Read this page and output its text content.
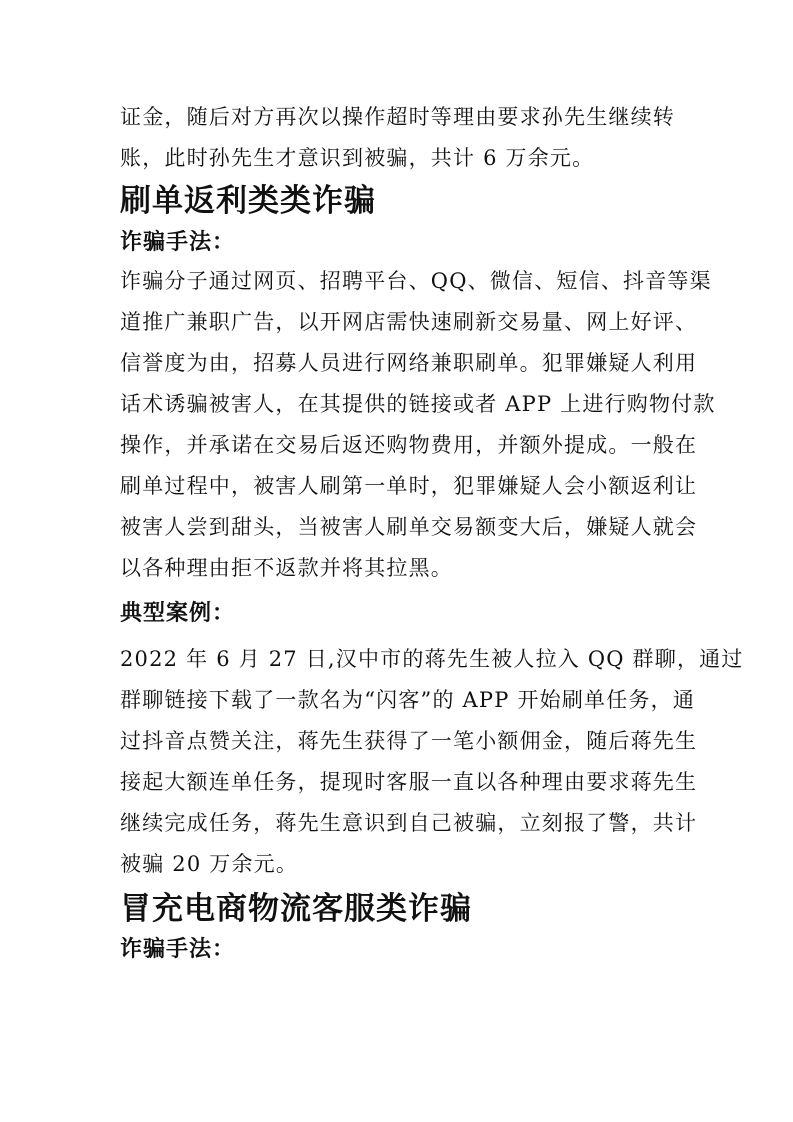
证金，随后对方再次以操作超时等理由要求孙先生继续转
账，此时孙先生才意识到被骗，共计 6 万余元。
刷单返利类类诈骗
诈骗手法：
诈骗分子通过网页、招聘平台、QQ、微信、短信、抖音等渠
道推广兼职广告，以开网店需快速刷新交易量、网上好评、
信誉度为由，招募人员进行网络兼职刷单。犯罪嫌疑人利用
话术诱骗被害人，在其提供的链接或者 APP 上进行购物付款
操作，并承诺在交易后返还购物费用，并额外提成。一般在
刷单过程中，被害人刷第一单时，犯罪嫌疑人会小额返利让
被害人尝到甜头，当被害人刷单交易额变大后，嫌疑人就会
以各种理由拒不返款并将其拉黑。
典型案例：
2022 年 6 月 27 日,汉中市的蒋先生被人拉入 QQ 群聊，通过
群聊链接下载了一款名为“闪客”的 APP 开始刷单任务，通
过抖音点赞关注，蒋先生获得了一笔小额佣金，随后蒋先生
接起大额连单任务，提现时客服一直以各种理由要求蒋先生
继续完成任务，蒋先生意识到自己被骗，立刻报了警，共计
被骗 20 万余元。
冒充电商物流客服类诈骗
诈骗手法：
